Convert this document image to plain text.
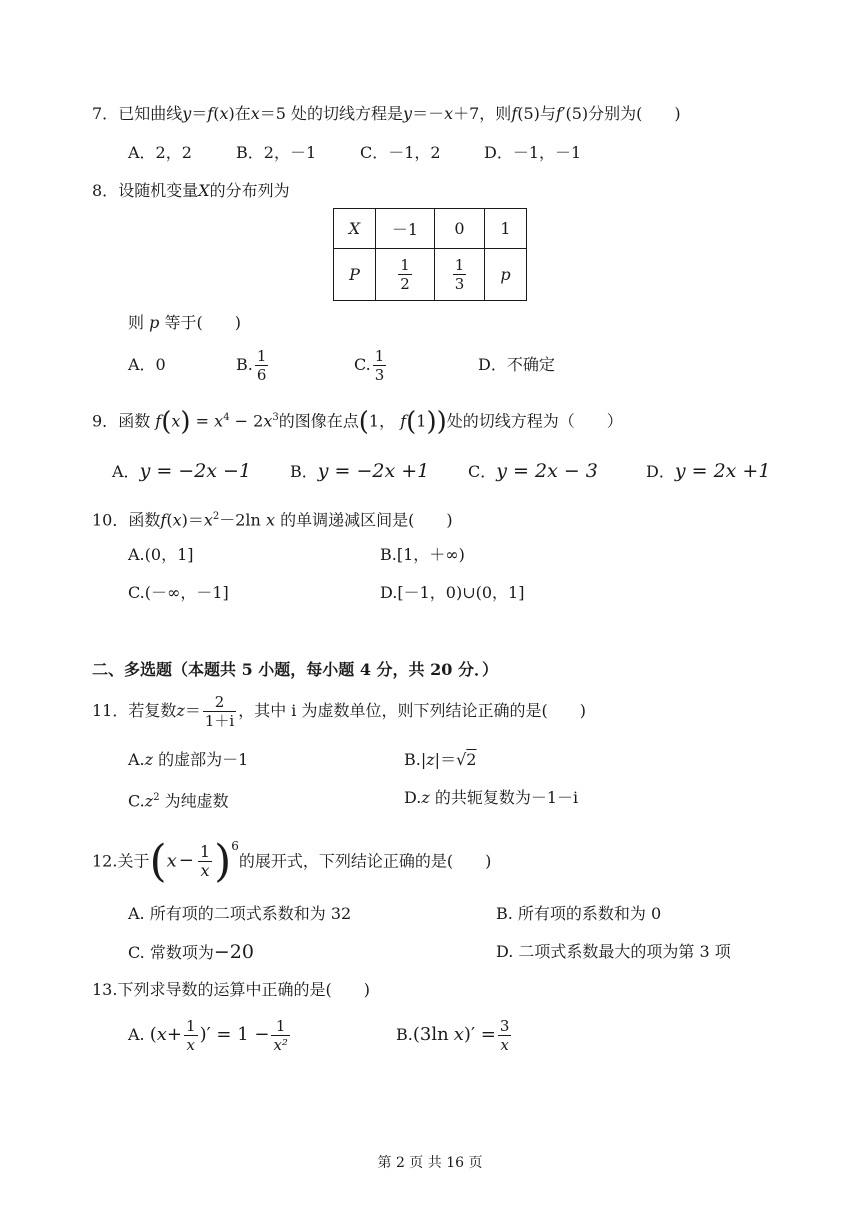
7．已知曲线y＝f(x)在x＝5 处的切线方程是y＝－x＋7，则f(5)与f′(5)分别为(　　)
A．2，2	B．2，－1	C．－1，2	D．－1，－1
8．设随机变量X的分布列为
X	－1	0	1
P	$\frac{1}{2}$	$\frac{1}{3}$	p
则 p 等于(　　)
A．0	B. $\frac{1}{6}$	C. $\frac{1}{3}$	D．不确定
9．函数 $f(x) = x^4 - 2x^3$的图像在点(1， f(1))处的切线方程为（　　）
A．y = −2x −1 B．y = −2x +1 C．y = 2x − 3	D．y = 2x +1
10．函数$f(x)=x^2-2\ln$ x 的单调递减区间是(　　)
A.(0，1]	B.[1，＋∞)
C.(－∞，－1]	D.[－1，0)∪(0，1]
二、多选题（本题共 5 小题，每小题 4 分，共 20 分．）
11．若复数$z= \frac{2}{1+i}$ ，其中 i 为虚数单位，则下列结论正确的是(　　)
A.z 的虚部为－1	B.|z|＝√2
$C.z^2$ 为纯虚数	D.z 的共轭复数为－1－i
12.关于$(x - \frac{1}{x} )^6$的展开式，下列结论正确的是(　　)
A. 所有项的二项式系数和为 32	B. 所有项的系数和为 0
C. 常数项为−20	D. 二项式系数最大的项为第 3 项
13.下列求导数的运算中正确的是(　　)
A. ($x+ \frac{1}{x}$ )′ = $1 - \frac{1}{\text{x²}}$	B.(3ln $x)' = \frac{3}{x}$
第 2 页 共 16 页
